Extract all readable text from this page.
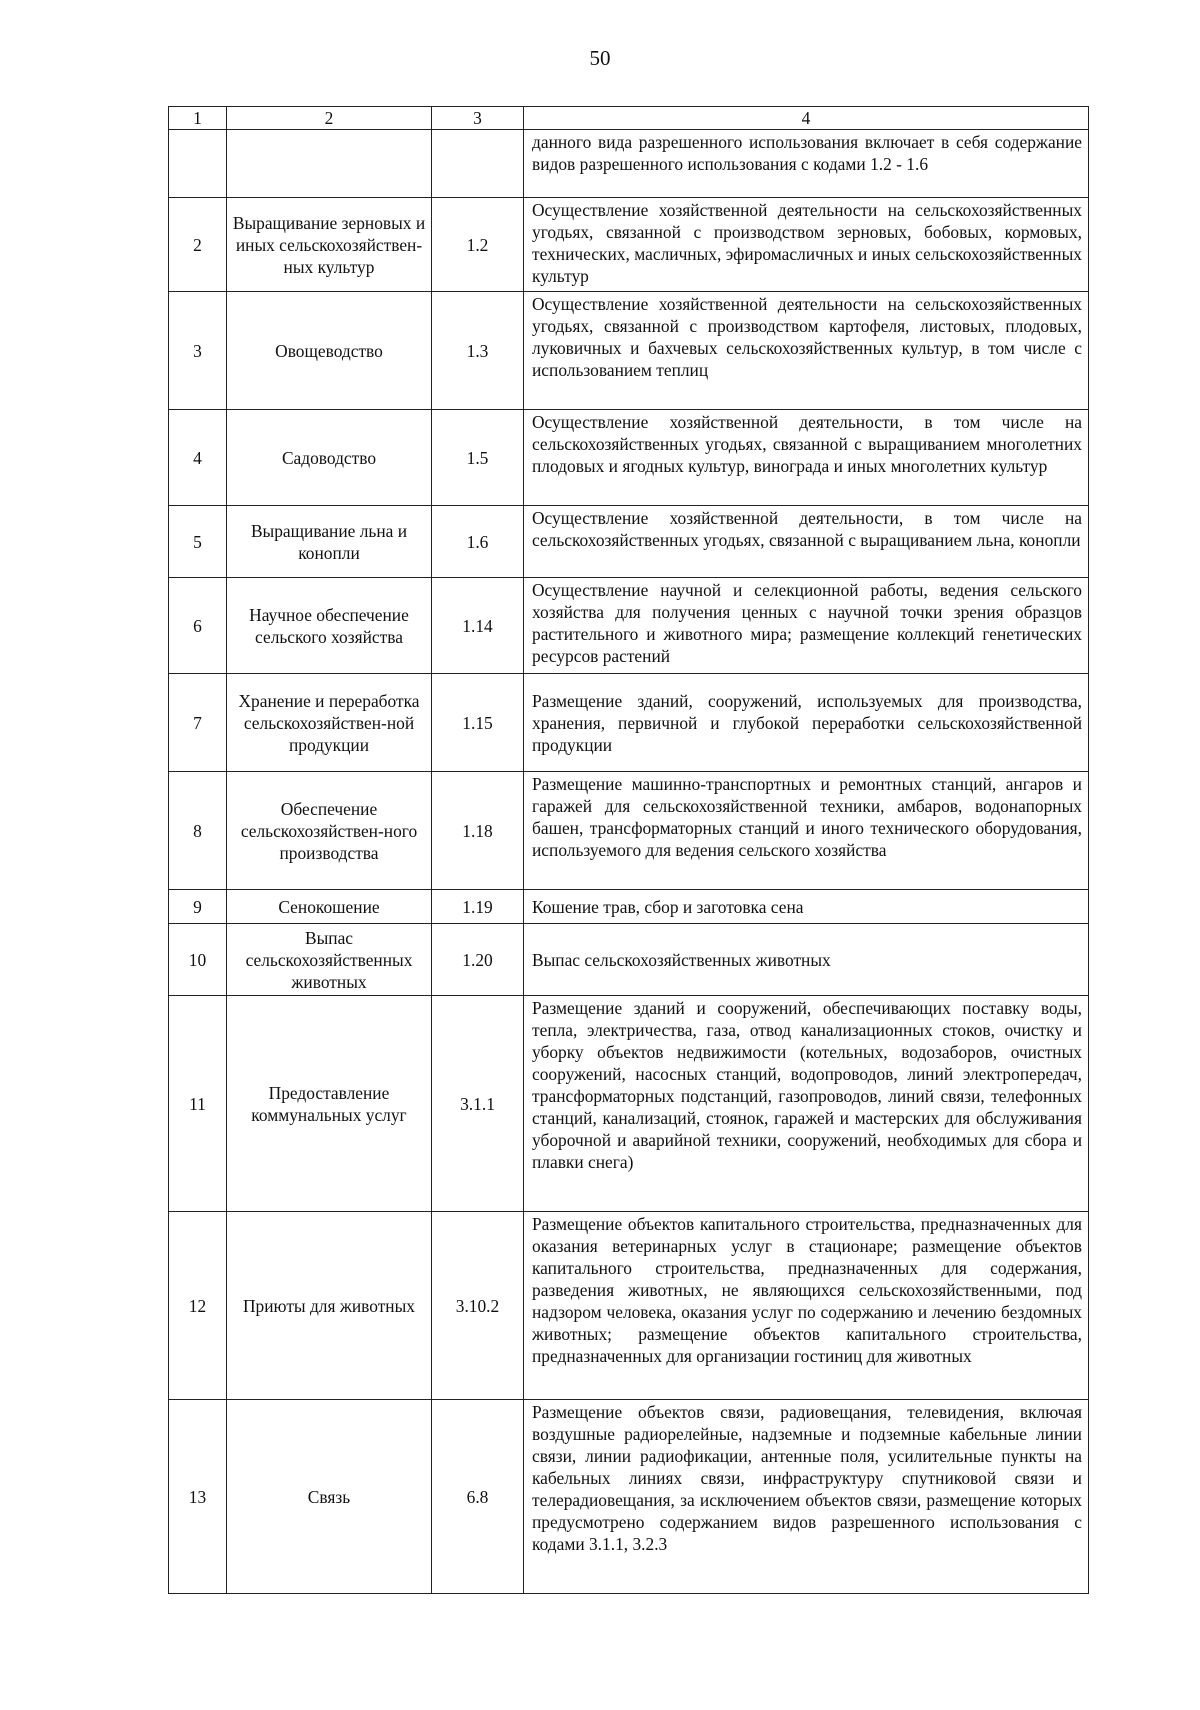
50
1	2	3	4
			данного вида разрешенного использования включает в себя содержание видов разрешенного использования с кодами 1.2 - 1.6
2	Выращивание зерновых и иных сельскохозяйствен-ных культур	1.2	Осуществление хозяйственной деятельности на сельскохозяйственных угодьях, связанной с производством зерновых, бобовых, кормовых, технических, масличных, эфиромасличных и иных сельскохозяйственных культур
3	Овощеводство	1.3	Осуществление хозяйственной деятельности на сельскохозяйственных угодьях, связанной с производством картофеля, листовых, плодовых, луковичных и бахчевых сельскохозяйственных культур, в том числе с использованием теплиц
4	Садоводство	1.5	Осуществление хозяйственной деятельности, в том числе на сельскохозяйственных угодьях, связанной с выращиванием многолетних плодовых и ягодных культур, винограда и иных многолетних культур
5	Выращивание льна и конопли	1.6	Осуществление хозяйственной деятельности, в том числе на сельскохозяйственных угодьях, связанной с выращиванием льна, конопли
6	Научное обеспечение сельского хозяйства	1.14	Осуществление научной и селекционной работы, ведения сельского хозяйства для получения ценных с научной точки зрения образцов растительного и животного мира; размещение коллекций генетических ресурсов растений
7	Хранение и переработка сельскохозяйствен-ной продукции	1.15	Размещение зданий, сооружений, используемых для производства, хранения, первичной и глубокой переработки сельскохозяйственной продукции
8	Обеспечение сельскохозяйствен-ного производства	1.18	Размещение машинно-транспортных и ремонтных станций, ангаров и гаражей для сельскохозяйственной техники, амбаров, водонапорных башен, трансформаторных станций и иного технического оборудования, используемого для ведения сельского хозяйства
9	Сенокошение	1.19	Кошение трав, сбор и заготовка сена
10	Выпас сельскохозяйственных животных	1.20	Выпас сельскохозяйственных животных
11	Предоставление коммунальных услуг	3.1.1	Размещение зданий и сооружений, обеспечивающих поставку воды, тепла, электричества, газа, отвод канализационных стоков, очистку и уборку объектов недвижимости (котельных, водозаборов, очистных сооружений, насосных станций, водопроводов, линий электропередач, трансформаторных подстанций, газопроводов, линий связи, телефонных станций, канализаций, стоянок, гаражей и мастерских для обслуживания уборочной и аварийной техники, сооружений, необходимых для сбора и плавки снега)
12	Приюты для животных	3.10.2	Размещение объектов капитального строительства, предназначенных для оказания ветеринарных услуг в стационаре; размещение объектов капитального строительства, предназначенных для содержания, разведения животных, не являющихся сельскохозяйственными, под надзором человека, оказания услуг по содержанию и лечению бездомных животных; размещение объектов капитального строительства, предназначенных для организации гостиниц для животных
13	Связь	6.8	Размещение объектов связи, радиовещания, телевидения, включая воздушные радиорелейные, надземные и подземные кабельные линии связи, линии радиофикации, антенные поля, усилительные пункты на кабельных линиях связи, инфраструктуру спутниковой связи и телерадиовещания, за исключением объектов связи, размещение которых предусмотрено содержанием видов разрешенного использования с кодами 3.1.1, 3.2.3
